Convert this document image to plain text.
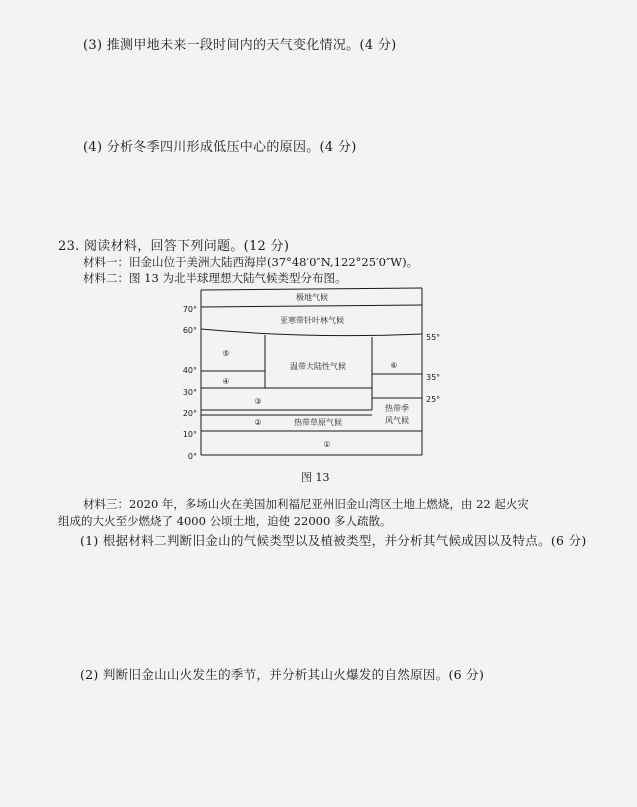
(3) 推测甲地未来一段时间内的天气变化情况。(4 分)
(4) 分析冬季四川形成低压中心的原因。(4 分)
23. 阅读材料，回答下列问题。(12 分)
材料一：旧金山位于美洲大陆西海岸(37°48′0″N,122°25′0″W)。
材料二：图 13 为北半球理想大陆气候类型分布图。
极地气候
亚寒带针叶林气候
温带大陆性气候
热带草原气候
热带季
风气候
①
②
③
④
⑤
⑥
70°
60°
40°
30°
20°
10°
0°
55°
35°
25°
图 13
材料三：2020 年，多场山火在美国加利福尼亚州旧金山湾区土地上燃烧，由 22 起火灾
组成的大火至少燃烧了 4000 公顷土地，迫使 22000 多人疏散。
(1) 根据材料二判断旧金山的气候类型以及植被类型，并分析其气候成因以及特点。(6 分)
(2) 判断旧金山山火发生的季节，并分析其山火爆发的自然原因。(6 分)
